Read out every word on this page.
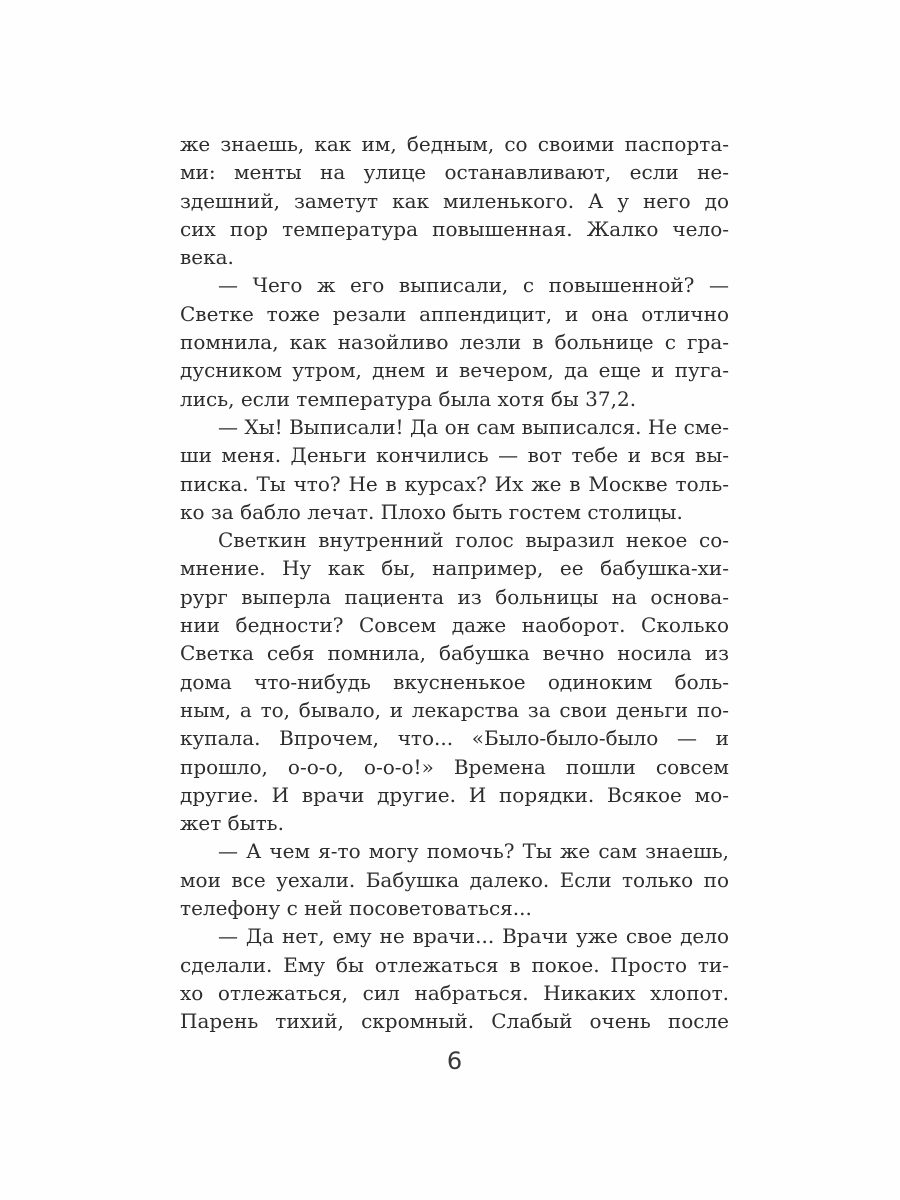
же знаешь, как им, бедным, со своими паспорта-
ми: менты на улице останавливают, если не-
здешний, заметут как миленького. А у него до
сих пор температура повышенная. Жалко чело-
века.
— Чего ж его выписали, с повышенной? —
Светке тоже резали аппендицит, и она отлично
помнила, как назойливо лезли в больнице с гра-
дусником утром, днем и вечером, да еще и пуга-
лись, если температура была хотя бы 37,2.
— Хы! Выписали! Да он сам выписался. Не сме-
ши меня. Деньги кончились — вот тебе и вся вы-
писка. Ты что? Не в курсах? Их же в Москве толь-
ко за бабло лечат. Плохо быть гостем столицы.
Светкин внутренний голос выразил некое со-
мнение. Ну как бы, например, ее бабушка-хи-
рург выперла пациента из больницы на основа-
нии бедности? Совсем даже наоборот. Сколько
Светка себя помнила, бабушка вечно носила из
дома что-нибудь вкусненькое одиноким боль-
ным, а то, бывало, и лекарства за свои деньги по-
купала. Впрочем, что... «Было-было-было — и
прошло, о-о-о, о-о-о!» Времена пошли совсем
другие. И врачи другие. И порядки. Всякое мо-
жет быть.
— А чем я-то могу помочь? Ты же сам знаешь,
мои все уехали. Бабушка далеко. Если только по
телефону с ней посоветоваться...
— Да нет, ему не врачи... Врачи уже свое дело
сделали. Ему бы отлежаться в покое. Просто ти-
хо отлежаться, сил набраться. Никаких хлопот.
Парень тихий, скромный. Слабый очень после
6
